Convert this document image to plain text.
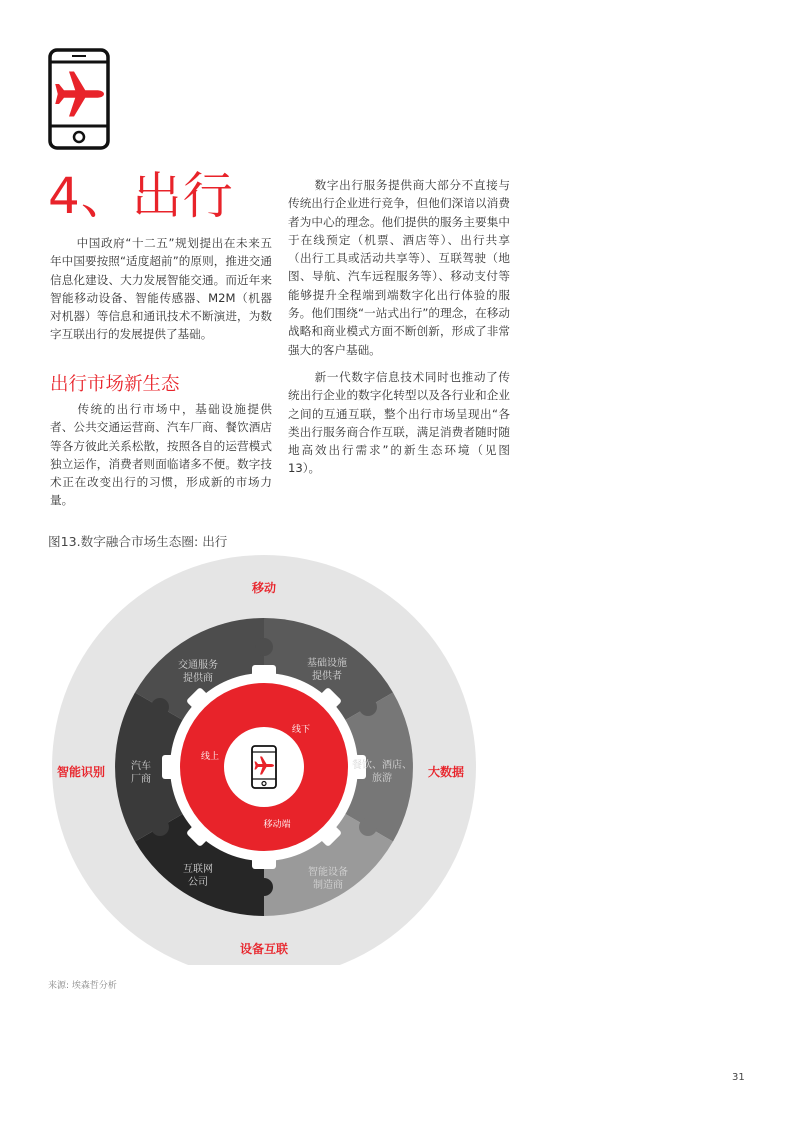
4、出行
中国政府“十二五”规划提出在未来五年中国要按照“适度超前”的原则，推进交通信息化建设、大力发展智能交通。而近年来智能移动设备、智能传感器、M2M（机器对机器）等信息和通讯技术不断演进，为数字互联出行的发展提供了基础。
出行市场新生态
传统的出行市场中，基础设施提供者、公共交通运营商、汽车厂商、餐饮酒店等各方彼此关系松散，按照各自的运营模式独立运作，消费者则面临诸多不便。数字技术正在改变出行的习惯，形成新的市场力量。
数字出行服务提供商大部分不直接与传统出行企业进行竞争，但他们深谙以消费者为中心的理念。他们提供的服务主要集中于在线预定（机票、酒店等）、出行共享（出行工具或活动共享等）、互联驾驶（地图、导航、汽车远程服务等）、移动支付等能够提升全程端到端数字化出行体验的服务。他们围绕“一站式出行”的理念，在移动战略和商业模式方面不断创新，形成了非常强大的客户基础。
新一代数字信息技术同时也推动了传统出行企业的数字化转型以及各行业和企业之间的互通互联，整个出行市场呈现出“各类出行服务商合作互联，满足消费者随时随地高效出行需求”的新生态环境（见图13）。
图13.数字融合市场生态圈: 出行
线上
线下
移动端
交通服务
提供商
基础设施
提供者
餐饮、酒店、
旅游
智能设备
制造商
互联网
公司
汽车
厂商
移动
大数据
设备互联
智能识别
来源: 埃森哲分析
31
